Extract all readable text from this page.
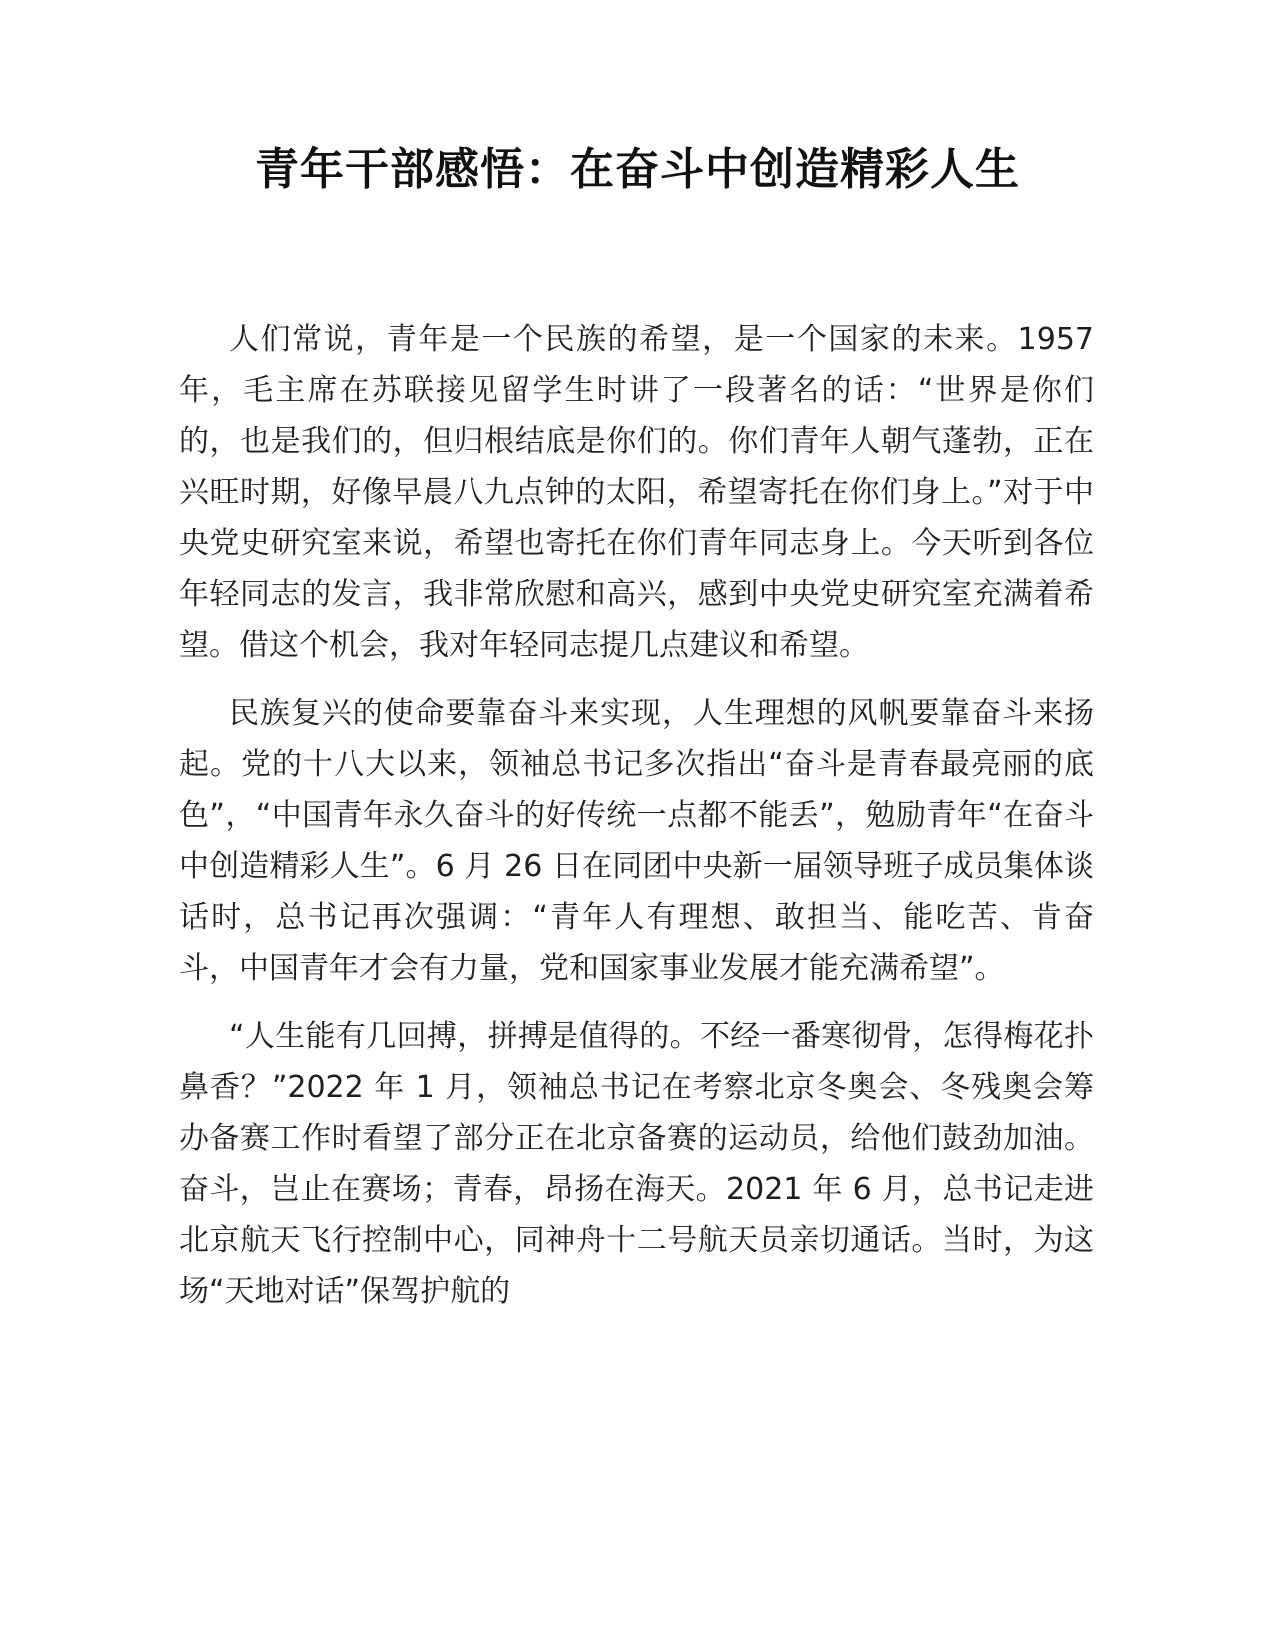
青年干部感悟：在奋斗中创造精彩人生

人们常说，青年是一个民族的希望，是一个国家的未来。1957 年，毛主席在苏联接见留学生时讲了一段著名的话：“世界是你们的，也是我们的，但归根结底是你们的。你们青年人朝气蓬勃，正在兴旺时期，好像早晨八九点钟的太阳，希望寄托在你们身上。”对于中央党史研究室来说，希望也寄托在你们青年同志身上。今天听到各位年轻同志的发言，我非常欣慰和高兴，感到中央党史研究室充满着希望。借这个机会，我对年轻同志提几点建议和希望。

民族复兴的使命要靠奋斗来实现，人生理想的风帆要靠奋斗来扬起。党的十八大以来，领袖总书记多次指出“奋斗是青春最亮丽的底色”，“中国青年永久奋斗的好传统一点都不能丢”，勉励青年“在奋斗中创造精彩人生”。6 月 26 日在同团中央新一届领导班子成员集体谈话时，总书记再次强调：“青年人有理想、敢担当、能吃苦、肯奋斗，中国青年才会有力量，党和国家事业发展才能充满希望”。

“人生能有几回搏，拼搏是值得的。不经一番寒彻骨，怎得梅花扑鼻香？”2022 年 1 月，领袖总书记在考察北京冬奥会、冬残奥会筹办备赛工作时看望了部分正在北京备赛的运动员，给他们鼓劲加油。奋斗，岂止在赛场；青春，昂扬在海天。2021 年 6 月，总书记走进北京航天飞行控制中心，同神舟十二号航天员亲切通话。当时，为这场“天地对话”保驾护航的
